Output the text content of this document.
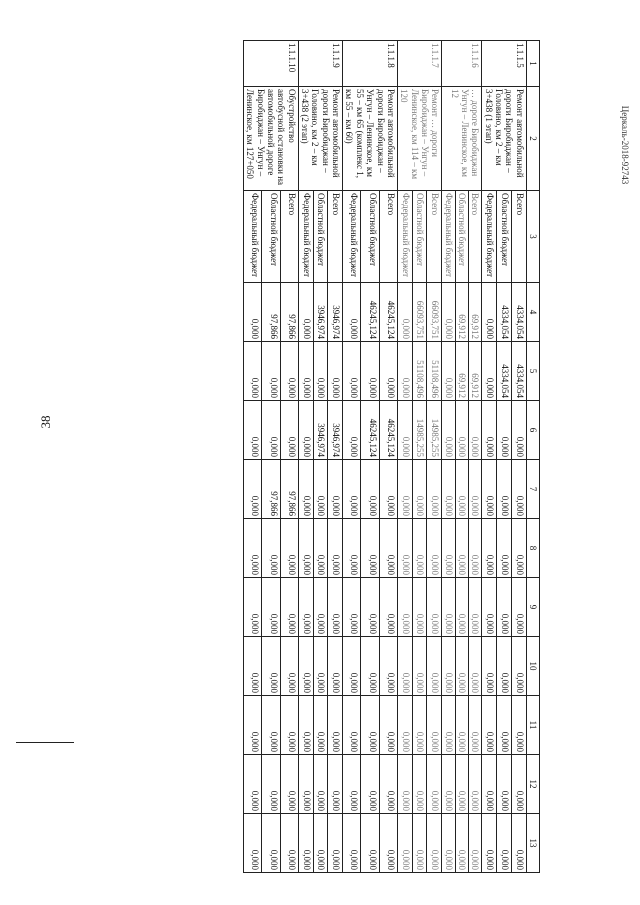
38
Церкаль-2018-92743
1	2	3	4	5	6	7	8	9	10	11	12	13
1.1.1.5	Ремонт автомобильной дороги Биробиджан – Головино, км 2 – км 3+438 (1 этап)	Всего	4334,054	4334,054	0,000	0,000	0,000	0,000	0,000	0,000	0,000	0,000
		Областной бюджет	4334,054	4334,054	0,000	0,000	0,000	0,000	0,000	0,000	0,000	0,000
		Федеральный бюджет	0,000	0,000	0,000	0,000	0,000	0,000	0,000	0,000	0,000	0,000
1.1.1.6	… дороге Биробиджан Унгун – Ленинское, км 12	Всего	69,912	69,912	0,000	0,000	0,000	0,000	0,000	0,000	0,000	0,000
		Областной бюджет	69,912	69,912	0,000	0,000	0,000	0,000	0,000	0,000	0,000	0,000
		Федеральный бюджет	0,000	0,000	0,000	0,000	0,000	0,000	0,000	0,000	0,000	0,000
1.1.1.7	Ремонт … дороги Биробиджан – Унгун – Ленинское, км 114 – км 120	Всего	66093,751	51108,496	14985,255	0,000	0,000	0,000	0,000	0,000	0,000	0,000
		Областной бюджет	66093,751	51108,496	14985,255	0,000	0,000	0,000	0,000	0,000	0,000	0,000
		Федеральный бюджет	0,000	0,000	0,000	0,000	0,000	0,000	0,000	0,000	0,000	0,000
1.1.1.8	Ремонт автомобильной дороги Биробиджан – Унгун – Ленинское, км 55 – км 65 (комплекс 1, км 55 – км 60)	Всего	46245,124	0,000	46245,124	0,000	0,000	0,000	0,000	0,000	0,000	0,000
		Областной бюджет	46245,124	0,000	46245,124	0,000	0,000	0,000	0,000	0,000	0,000	0,000
		Федеральный бюджет	0,000	0,000	0,000	0,000	0,000	0,000	0,000	0,000	0,000	0,000
1.1.1.9	Ремонт автомобильной дороги Биробиджан – Головино, км 2 – км 3+438 (2 этап)	Всего	3946,974	0,000	3946,974	0,000	0,000	0,000	0,000	0,000	0,000	0,000
		Областной бюджет	3946,974	0,000	3946,974	0,000	0,000	0,000	0,000	0,000	0,000	0,000
		Федеральный бюджет	0,000	0,000	0,000	0,000	0,000	0,000	0,000	0,000	0,000	0,000
1.1.1.10	Обустройство автобусной остановки на автомобильной дороге Биробиджан – Унгун – Ленинское, км 127+050	Всего	97,866	0,000	0,000	97,866	0,000	0,000	0,000	0,000	0,000	0,000
		Областной бюджет	97,866	0,000	0,000	97,866	0,000	0,000	0,000	0,000	0,000	0,000
		Федеральный бюджет	0,000	0,000	0,000	0,000	0,000	0,000	0,000	0,000	0,000	0,000
